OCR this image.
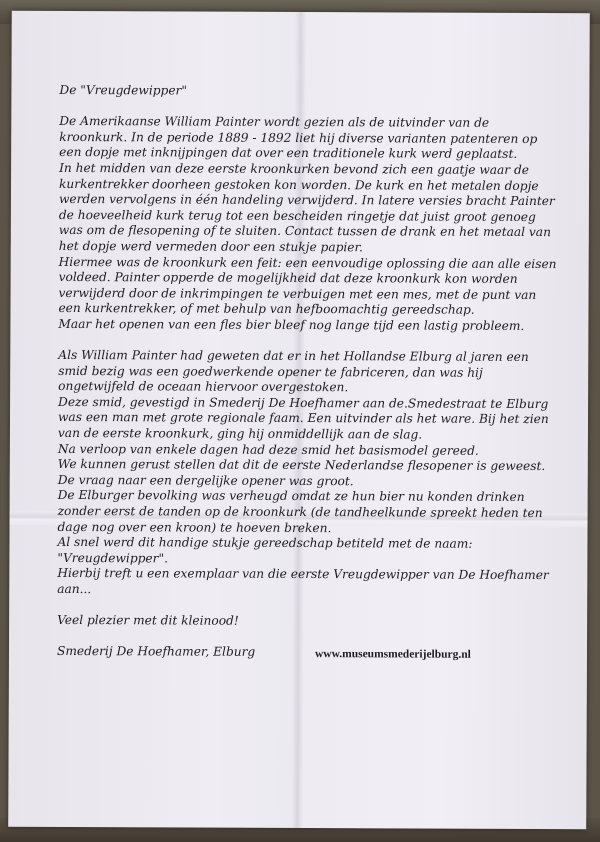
De "Vreugdewipper"

De Amerikaanse William Painter wordt gezien als de uitvinder van de kroonkurk. In de periode 1889 - 1892 liet hij diverse varianten patenteren op een dopje met inknijpingen dat over een traditionele kurk werd geplaatst.

In het midden van deze eerste kroonkurken bevond zich een gaatje waar de kurkentrekker doorheen gestoken kon worden. De kurk en het metalen dopje werden vervolgens in één handeling verwijderd. In latere versies bracht Painter de hoeveelheid kurk terug tot een bescheiden ringetje dat juist groot genoeg was om de flesopening of te sluiten. Contact tussen de drank en het metaal van het dopje werd vermeden door een stukje papier.

Hiermee was de kroonkurk een feit: een eenvoudige oplossing die aan alle eisen voldeed. Painter opperde de mogelijkheid dat deze kroonkurk kon worden verwijderd door de inkrimpingen te verbuigen met een mes, met de punt van een kurkentrekker, of met behulp van hefboomachtig gereedschap.

Maar het openen van een fles bier bleef nog lange tijd een lastig probleem.

Als William Painter had geweten dat er in het Hollandse Elburg al jaren een smid bezig was een goedwerkende opener te fabriceren, dan was hij ongetwijfeld de oceaan hiervoor overgestoken.

Deze smid, gevestigd in Smederij De Hoefhamer aan de.Smedestraat te Elburg was een man met grote regionale faam. Een uitvinder als het ware. Bij het zien van de eerste kroonkurk, ging hij onmiddellijk aan de slag.

Na verloop van enkele dagen had deze smid het basismodel gereed.

We kunnen gerust stellen dat dit de eerste Nederlandse flesopener is geweest. De vraag naar een dergelijke opener was groot.

De Elburger bevolking was verheugd omdat ze hun bier nu konden drinken zonder eerst de tanden op de kroonkurk (de tandheelkunde spreekt heden ten dage nog over een kroon) te hoeven breken.

Al snel werd dit handige stukje gereedschap betiteld met de naam: "Vreugdewipper".

Hierbij treft u een exemplaar van die eerste Vreugdewipper van De Hoefhamer aan...

Veel plezier met dit kleinood!

Smederij De Hoefhamer, Elburg	www.museumsmederijelburg.nl
